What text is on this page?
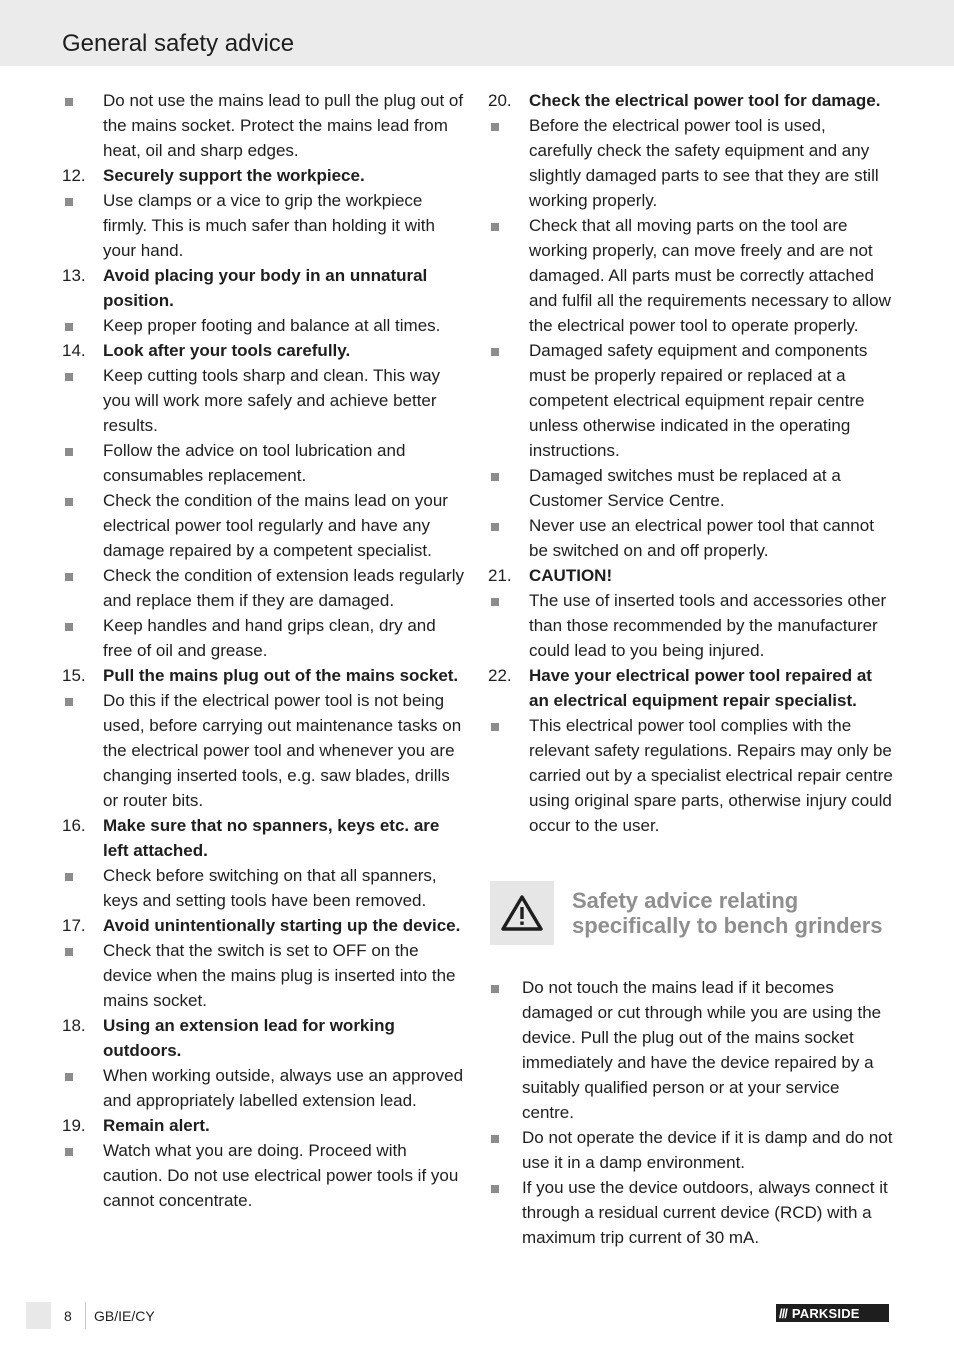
General safety advice
Do not use the mains lead to pull the plug out of the mains socket. Protect the mains lead from heat, oil and sharp edges.
12.	Securely support the workpiece.
Use clamps or a vice to grip the workpiece firmly. This is much safer than holding it with your hand.
13.	Avoid placing your body in an unnatural position.
Keep proper footing and balance at all times.
14.	Look after your tools carefully.
Keep cutting tools sharp and clean. This way you will work more safely and achieve better results.
Follow the advice on tool lubrication and consumables replacement.
Check the condition of the mains lead on your electrical power tool regularly and have any damage repaired by a competent specialist.
Check the condition of extension leads regularly and replace them if they are damaged.
Keep handles and hand grips clean, dry and free of oil and grease.
15.	Pull the mains plug out of the mains socket.
Do this if the electrical power tool is not being used, before carrying out maintenance tasks on the electrical power tool and whenever you are changing inserted tools, e.g. saw blades, drills or router bits.
16.	Make sure that no spanners, keys etc. are left attached.
Check before switching on that all spanners, keys and setting tools have been removed.
17.	Avoid unintentionally starting up the device.
Check that the switch is set to OFF on the device when the mains plug is inserted into the mains socket.
18.	Using an extension lead for working outdoors.
When working outside, always use an approved and appropriately labelled extension lead.
19.	Remain alert.
Watch what you are doing. Proceed with caution. Do not use electrical power tools if you cannot concentrate.
20.	Check the electrical power tool for damage.
Before the electrical power tool is used, carefully check the safety equipment and any slightly damaged parts to see that they are still working properly.
Check that all moving parts on the tool are working properly, can move freely and are not damaged. All parts must be correctly attached and fulfil all the requirements necessary to allow the electrical power tool to operate properly.
Damaged safety equipment and components must be properly repaired or replaced at a competent electrical equipment repair centre unless otherwise indicated in the operating instructions.
Damaged switches must be replaced at a Customer Service Centre.
Never use an electrical power tool that cannot be switched on and off properly.
21.	CAUTION!
The use of inserted tools and accessories other than those recommended by the manufacturer could lead to you being injured.
22.	Have your electrical power tool repaired at an electrical equipment repair specialist.
This electrical power tool complies with the relevant safety regulations. Repairs may only be carried out by a specialist electrical repair centre using original spare parts, otherwise injury could occur to the user.
Safety advice relating specifically to bench grinders
Do not touch the mains lead if it becomes damaged or cut through while you are using the device. Pull the plug out of the mains socket immediately and have the device repaired by a suitably qualified person or at your service centre.
Do not operate the device if it is damp and do not use it in a damp environment.
If you use the device outdoors, always connect it through a residual current device (RCD) with a maximum trip current of 30 mA.
8 GB/IE/CY	/// PARKSIDE
